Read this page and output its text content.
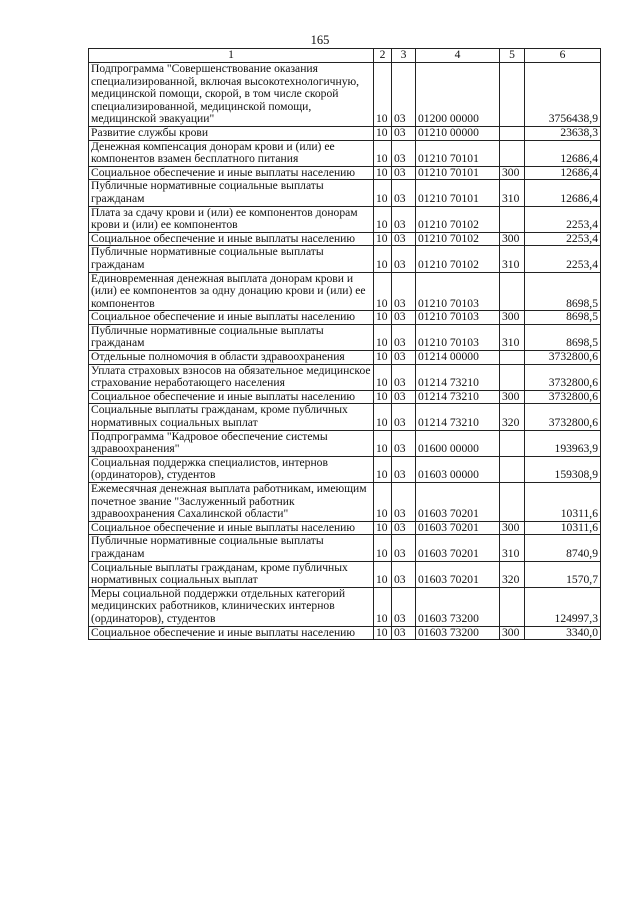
165
1	2	3	4	5	6
Подпрограмма "Совершенствование оказания специализированной, включая высокотехнологичную, медицинской помощи, скорой, в том числе скорой специализированной, медицинской помощи, медицинской эвакуации"	10	03	01200 00000		3756438,9
Развитие службы крови	10	03	01210 00000		23638,3
Денежная компенсация донорам крови и (или) ее компонентов взамен бесплатного питания	10	03	01210 70101		12686,4
Социальное обеспечение и иные выплаты населению	10	03	01210 70101	300	12686,4
Публичные нормативные социальные выплаты гражданам	10	03	01210 70101	310	12686,4
Плата за сдачу крови и (или) ее компонентов донорам крови и (или) ее компонентов	10	03	01210 70102		2253,4
Социальное обеспечение и иные выплаты населению	10	03	01210 70102	300	2253,4
Публичные нормативные социальные выплаты гражданам	10	03	01210 70102	310	2253,4
Единовременная денежная выплата донорам крови и (или) ее компонентов за одну донацию крови и (или) ее компонентов	10	03	01210 70103		8698,5
Социальное обеспечение и иные выплаты населению	10	03	01210 70103	300	8698,5
Публичные нормативные социальные выплаты гражданам	10	03	01210 70103	310	8698,5
Отдельные полномочия в области здравоохранения	10	03	01214 00000		3732800,6
Уплата страховых взносов на обязательное медицинское страхование неработающего населения	10	03	01214 73210		3732800,6
Социальное обеспечение и иные выплаты населению	10	03	01214 73210	300	3732800,6
Социальные выплаты гражданам, кроме публичных нормативных социальных выплат	10	03	01214 73210	320	3732800,6
Подпрограмма "Кадровое обеспечение системы здравоохранения"	10	03	01600 00000		193963,9
Социальная поддержка специалистов, интернов (ординаторов), студентов	10	03	01603 00000		159308,9
Ежемесячная денежная выплата работникам, имеющим почетное звание "Заслуженный работник здравоохранения Сахалинской области"	10	03	01603 70201		10311,6
Социальное обеспечение и иные выплаты населению	10	03	01603 70201	300	10311,6
Публичные нормативные социальные выплаты гражданам	10	03	01603 70201	310	8740,9
Социальные выплаты гражданам, кроме публичных нормативных социальных выплат	10	03	01603 70201	320	1570,7
Меры социальной поддержки отдельных категорий медицинских работников, клинических интернов (ординаторов), студентов	10	03	01603 73200		124997,3
Социальное обеспечение и иные выплаты населению	10	03	01603 73200	300	3340,0
